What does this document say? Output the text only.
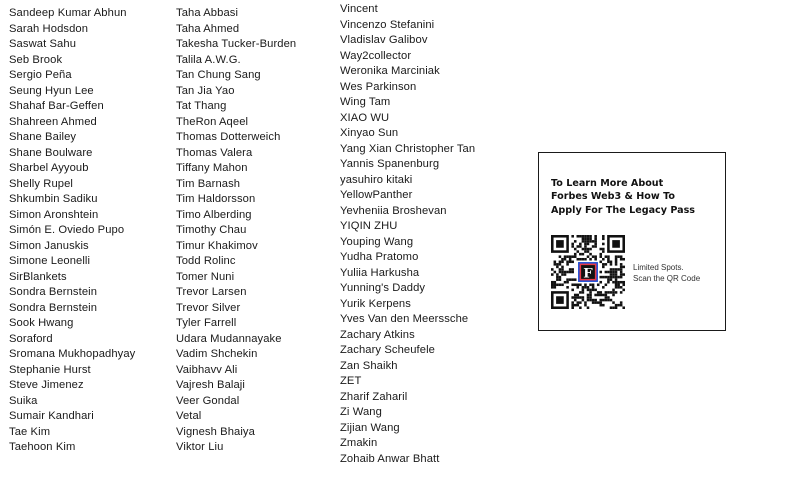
Sandeep Kumar Abhun
Sarah Hodsdon
Saswat Sahu
Seb Brook
Sergio Peña
Seung Hyun Lee
Shahaf Bar-Geffen
Shahreen Ahmed
Shane Bailey
Shane Boulware
Sharbel Ayyoub
Shelly Rupel
Shkumbin Sadiku
Simon Aronshtein
Simón E. Oviedo Pupo
Simon Januskis
Simone Leonelli
SirBlankets
Sondra Bernstein
Sondra Bernstein
Sook Hwang
Soraford
Sromana Mukhopadhyay
Stephanie Hurst
Steve Jimenez
Suika
Sumair Kandhari
Tae Kim
Taehoon Kim
Taha Abbasi
Taha Ahmed
Takesha Tucker-Burden
Talila A.W.G.
Tan Chung Sang
Tan Jia Yao
Tat Thang
TheRon Aqeel
Thomas Dotterweich
Thomas Valera
Tiffany Mahon
Tim Barnash
Tim Haldorsson
Timo Alberding
Timothy Chau
Timur Khakimov
Todd Rolinc
Tomer Nuni
Trevor Larsen
Trevor Silver
Tyler Farrell
Udara Mudannayake
Vadim Shchekin
Vaibhavv Ali
Vajresh Balaji
Veer Gondal
Vetal
Vignesh Bhaiya
Viktor Liu
Vincent
Vincenzo Stefanini
Vladislav Galibov
Way2collector
Weronika Marciniak
Wes Parkinson
Wing Tam
XIAO WU
Xinyao Sun
Yang Xian Christopher Tan
Yannis Spanenburg
yasuhiro kitaki
YellowPanther
Yevheniia Broshevan
YIQIN ZHU
Youping Wang
Yudha Pratomo
Yuliia Harkusha
Yunning's Daddy
Yurik Kerpens
Yves Van den Meerssche
Zachary Atkins
Zachary Scheufele
Zan Shaikh
ZET
Zharif Zaharil
Zi Wang
Zijian Wang
Zmakin
Zohaib Anwar Bhatt
To Learn More About
Forbes Web3 & How To
Apply For The Legacy Pass
F	Limited Spots.
Scan the QR Code
